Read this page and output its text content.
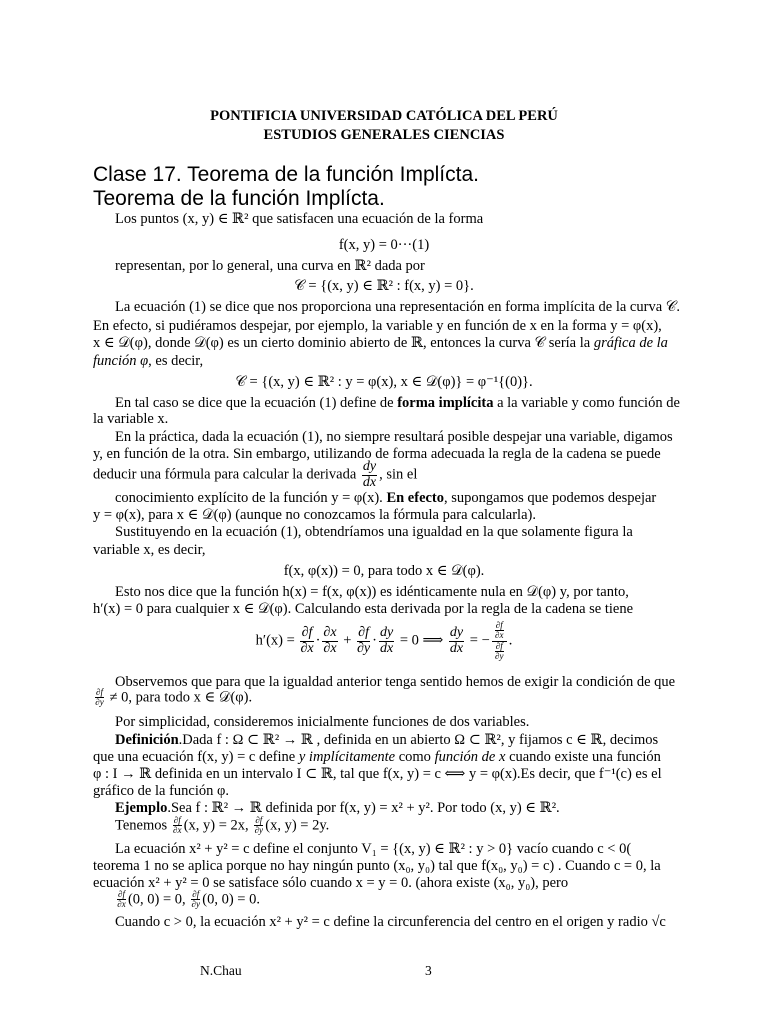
PONTIFICIA UNIVERSIDAD CATÓLICA DEL PERÚ
ESTUDIOS GENERALES CIENCIAS
Clase 17. Teorema de la función Implícta.
Teorema de la función Implícta.
Los puntos (x, y) ∈ ℝ² que satisfacen una ecuación de la forma
f(x, y) = 0···(1)
representan, por lo general, una curva en ℝ² dada por
𝒞 = {(x, y) ∈ ℝ² : f(x, y) = 0}.
La ecuación (1) se dice que nos proporciona una representación en forma implícita de la curva 𝒞.
En efecto, si pudiéramos despejar, por ejemplo, la variable y en función de x en la forma y = φ(x),
x ∈ 𝒟(φ), donde 𝒟(φ) es un cierto dominio abierto de ℝ, entonces la curva 𝒞 sería la gráfica de la
función φ, es decir,
𝒞 = {(x, y) ∈ ℝ² : y = φ(x), x ∈ 𝒟(φ)} = φ⁻¹{(0)}.
En tal caso se dice que la ecuación (1) define de forma implícita a la variable y como función de
la variable x.
En la práctica, dada la ecuación (1), no siempre resultará posible despejar una variable, digamos
y, en función de la otra. Sin embargo, utilizando de forma adecuada la regla de la cadena se puede
deducir una fórmula para calcular la derivada $\frac{dy}{dx}$ , sin el
conocimiento explícito de la función y = φ(x). En efecto, supongamos que podemos despejar
y = φ(x), para x ∈ 𝒟(φ) (aunque no conozcamos la fórmula para calcularla).
Sustituyendo en la ecuación (1), obtendríamos una igualdad en la que solamente figura la
variable x, es decir,
f(x, φ(x)) = 0, para todo x ∈ 𝒟(φ).
Esto nos dice que la función h(x) = f(x, φ(x)) es idénticamente nula en 𝒟(φ) y, por tanto,
h′(x) = 0 para cualquier x ∈ 𝒟(φ). Calculando esta derivada por la regla de la cadena se tiene
$h'(x) = \frac{\partial f}{\partial x} \cdot \frac{\partial x}{\partial x} + \frac{\partial f}{\partial y} \cdot \frac{dy}{dx} = 0$ ⟹ $\frac{dy}{dx}$ = − $\frac{\frac{\partial f}{\partial x}}{\frac{\partial f}{\partial y}}$ .
Observemos que para que la igualdad anterior tenga sentido hemos de exigir la condición de que
$\frac{\partial f}{\partial y} \ne 0$, para todo x ∈ 𝒟(φ).
Por simplicidad, consideremos inicialmente funciones de dos variables.
Definición.Dada f : Ω ⊂ ℝ² → ℝ , definida en un abierto Ω ⊂ ℝ², y fijamos c ∈ ℝ, decimos
que una ecuación f(x, y) = c define y implícitamente como función de x cuando existe una función
φ : I → ℝ definida en un intervalo I ⊂ ℝ, tal que f(x, y) = c ⟺ y = φ(x).Es decir, que f⁻¹(c) es el
gráfico de la función φ.
Ejemplo.Sea f : ℝ² → ℝ definida por f(x, y) = x² + y². Por todo (x, y) ∈ ℝ².
Tenemos $\frac{\partial f}{\partial x} (x$, y) = 2x, $\frac{\partial f}{\partial y} (x$, y) = 2y.
La ecuación x² + y² = c define el conjunto V₁ = {(x, y) ∈ ℝ² : y > 0} vacío cuando c < 0(
teorema 1 no se aplica porque no hay ningún punto (x₀, y₀) tal que f(x₀, y₀) = c) . Cuando c = 0, la
ecuación x² + y² = 0 se satisface sólo cuando x = y = 0. (ahora existe (x₀, y₀), pero
$\frac{\partial f}{\partial x} (0$, 0) = 0, $\frac{\partial f}{\partial y} (0$, 0) = 0.
Cuando c > 0, la ecuación x² + y² = c define la circunferencia del centro en el origen y radio √c
N.Chau	3
